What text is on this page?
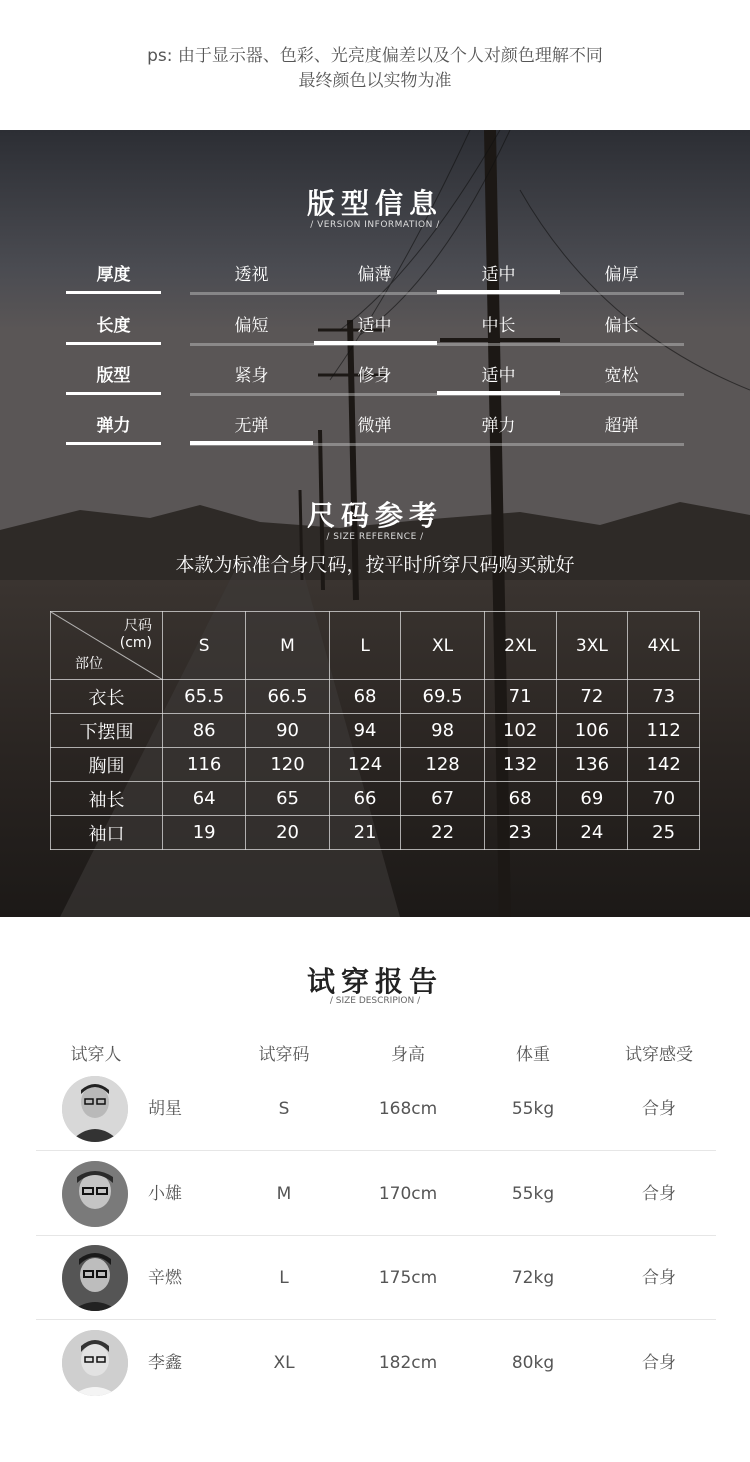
ps: 由于显示器、色彩、光亮度偏差以及个人对颜色理解不同
最终颜色以实物为准
版型信息
/ VERSION INFORMATION /
厚度	透视	偏薄	适中	偏厚
长度	偏短	适中	中长	偏长
版型	紧身	修身	适中	宽松
弹力	无弹	微弹	弹力	超弹
尺码参考
/ SIZE REFERENCE /
本款为标准合身尺码，按平时所穿尺码购买就好
尺码
(cm)
部位	S	M	L	XL	2XL	3XL	4XL
衣长	65.5	66.5	68	69.5	71	72	73
下摆围	86	90	94	98	102	106	112
胸围	116	120	124	128	132	136	142
袖长	64	65	66	67	68	69	70
袖口	19	20	21	22	23	24	25
试穿报告
/ SIZE DESCRIPION /
试穿人	试穿码	身高	体重	试穿感受
胡星	S	168cm	55kg	合身
小雄	M	170cm	55kg	合身
辛燃	L	175cm	72kg	合身
李鑫	XL	182cm	80kg	合身
